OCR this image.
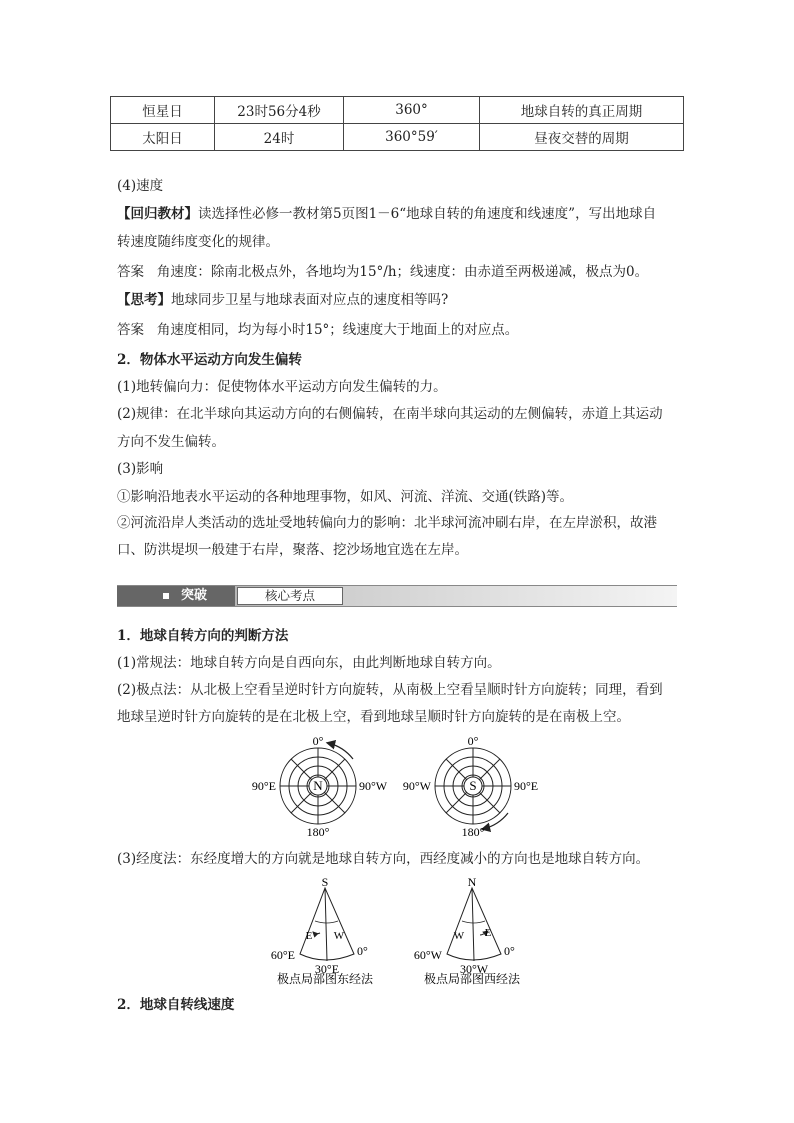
恒星日	23时56分4秒	360°	地球自转的真正周期
太阳日	24时	360°59′	昼夜交替的周期
(4)速度
【回归教材】读选择性必修一教材第5页图1－6“地球自转的角速度和线速度”，写出地球自
转速度随纬度变化的规律。
答案 角速度：除南北极点外，各地均为15°/h；线速度：由赤道至两极递减，极点为0。
【思考】地球同步卫星与地球表面对应点的速度相等吗?
答案 角速度相同，均为每小时15°；线速度大于地面上的对应点。
2．物体水平运动方向发生偏转
(1)地转偏向力：促使物体水平运动方向发生偏转的力。
(2)规律：在北半球向其运动方向的右侧偏转，在南半球向其运动的左侧偏转，赤道上其运动
方向不发生偏转。
(3)影响
①影响沿地表水平运动的各种地理事物，如风、河流、洋流、交通(铁路)等。
②河流沿岸人类活动的选址受地转偏向力的影响：北半球河流冲刷右岸，在左岸淤积，故港
口、防洪堤坝一般建于右岸，聚落、挖沙场地宜选在左岸。
突破	核心考点
1．地球自转方向的判断方法
(1)常规法：地球自转方向是自西向东，由此判断地球自转方向。
(2)极点法：从北极上空看呈逆时针方向旋转，从南极上空看呈顺时针方向旋转；同理，看到
地球呈逆时针方向旋转的是在北极上空，看到地球呈顺时针方向旋转的是在南极上空。
N
0°
180°
90°E	90°W	S
0°
180°
90°W	90°E
(3)经度法：东经度增大的方向就是地球自转方向，西经度减小的方向也是地球自转方向。
S
E W
60°E
30°E
0°
极点局部图东经法
N
W E
60°W
30°W
0°
极点局部图西经法
2．地球自转线速度
